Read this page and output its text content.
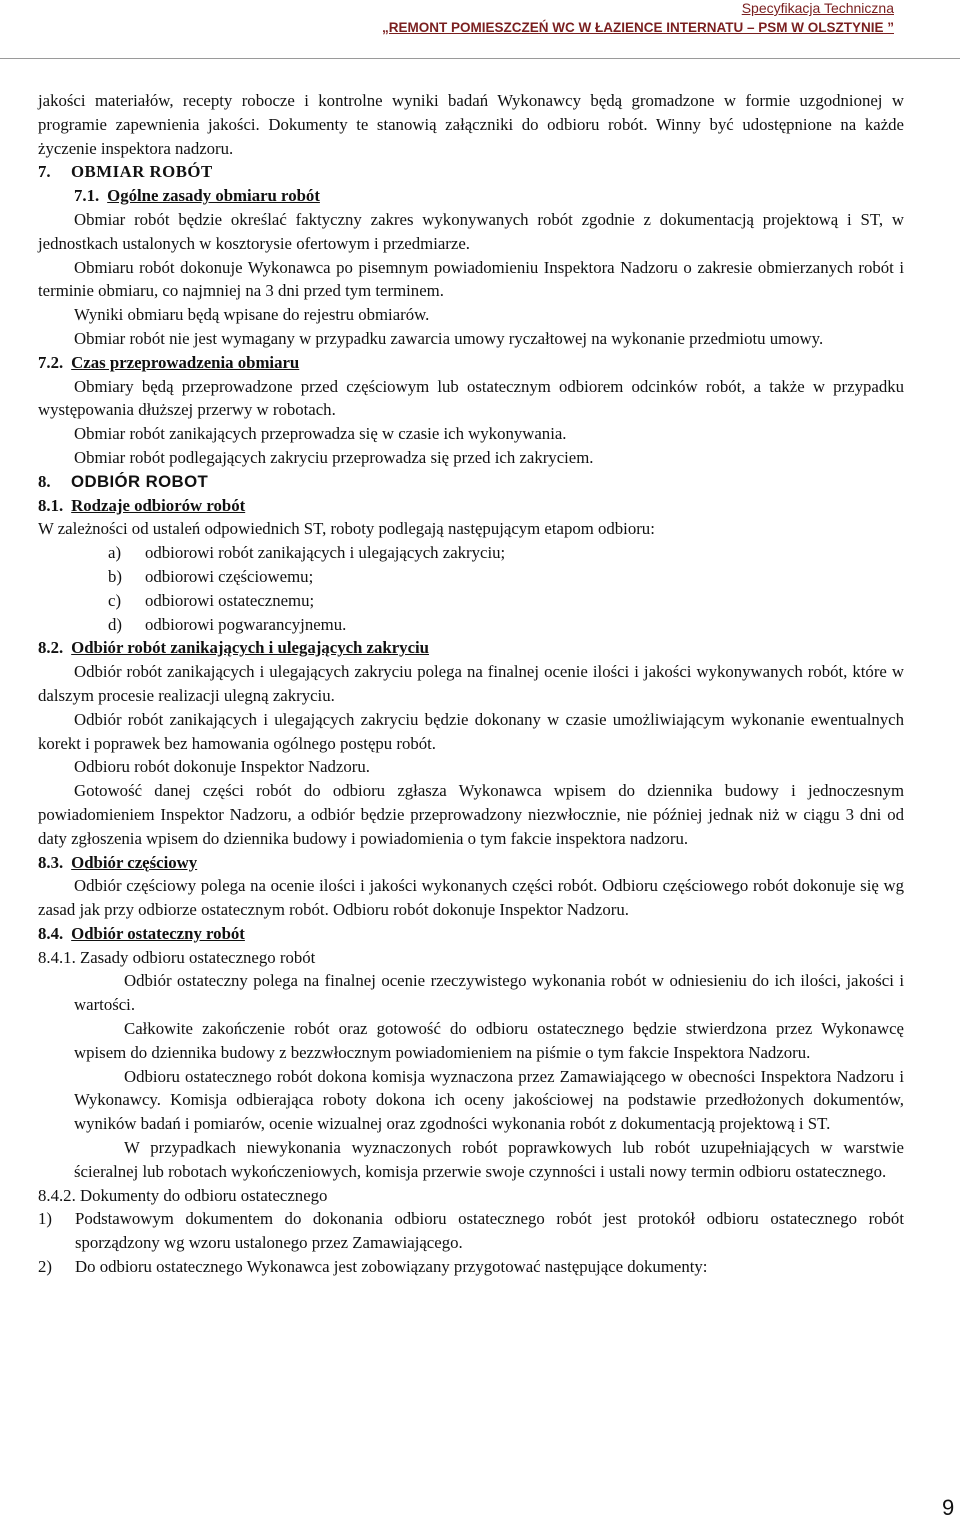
Specyfikacja Techniczna
„REMONT POMIESZCZEŃ WC W ŁAZIENCE INTERNATU – PSM W OLSZTYNIE ”

jakości materiałów, recepty robocze i kontrolne wyniki badań Wykonawcy będą gromadzone w formie uzgodnionej w programie zapewnienia jakości. Dokumenty te stanowią załączniki do odbioru robót. Winny być udostępnione na każde życzenie inspektora nadzoru.

7. OBMIAR ROBÓT

7.1. Ogólne zasady obmiaru robót

Obmiar robót będzie określać faktyczny zakres wykonywanych robót zgodnie z dokumentacją projektową i ST, w jednostkach ustalonych w kosztorysie ofertowym i przedmiarze.

Obmiaru robót dokonuje Wykonawca po pisemnym powiadomieniu Inspektora Nadzoru o zakresie obmierzanych robót i terminie obmiaru, co najmniej na 3 dni przed tym terminem.

Wyniki obmiaru będą wpisane do rejestru obmiarów.

Obmiar robót nie jest wymagany w przypadku zawarcia umowy ryczałtowej na wykonanie przedmiotu umowy.

7.2. Czas przeprowadzenia obmiaru

Obmiary będą przeprowadzone przed częściowym lub ostatecznym odbiorem odcinków robót, a także w przypadku występowania dłuższej przerwy w robotach.

Obmiar robót zanikających przeprowadza się w czasie ich wykonywania.

Obmiar robót podlegających zakryciu przeprowadza się przed ich zakryciem.

8. ODBIÓR ROBOT

8.1. Rodzaje odbiorów robót

W zależności od ustaleń odpowiednich ST, roboty podlegają następującym etapom odbioru:

a) odbiorowi robót zanikających i ulegających zakryciu;

b) odbiorowi częściowemu;

c) odbiorowi ostatecznemu;

d) odbiorowi pogwarancyjnemu.

8.2. Odbiór robót zanikających i ulegających zakryciu

Odbiór robót zanikających i ulegających zakryciu polega na finalnej ocenie ilości i jakości wykonywanych robót, które w dalszym procesie realizacji ulegną zakryciu.

Odbiór robót zanikających i ulegających zakryciu będzie dokonany w czasie umożliwiającym wykonanie ewentualnych korekt i poprawek bez hamowania ogólnego postępu robót.

Odbioru robót dokonuje Inspektor Nadzoru.

Gotowość danej części robót do odbioru zgłasza Wykonawca wpisem do dziennika budowy i jednoczesnym powiadomieniem Inspektor Nadzoru, a odbiór będzie przeprowadzony niezwłocznie, nie później jednak niż w ciągu 3 dni od daty zgłoszenia wpisem do dziennika budowy i powiadomienia o tym fakcie inspektora nadzoru.

8.3. Odbiór częściowy

Odbiór częściowy polega na ocenie ilości i jakości wykonanych części robót. Odbioru częściowego robót dokonuje się wg zasad jak przy odbiorze ostatecznym robót. Odbioru robót dokonuje Inspektor Nadzoru.

8.4. Odbiór ostateczny robót

8.4.1. Zasady odbioru ostatecznego robót

Odbiór ostateczny polega na finalnej ocenie rzeczywistego wykonania robót w odniesieniu do ich ilości, jakości i wartości.

Całkowite zakończenie robót oraz gotowość do odbioru ostatecznego będzie stwierdzona przez Wykonawcę wpisem do dziennika budowy z bezzwłocznym powiadomieniem na piśmie o tym fakcie Inspektora Nadzoru.

Odbioru ostatecznego robót dokona komisja wyznaczona przez Zamawiającego w obecności Inspektora Nadzoru i Wykonawcy. Komisja odbierająca roboty dokona ich oceny jakościowej na podstawie przedłożonych dokumentów, wyników badań i pomiarów, ocenie wizualnej oraz zgodności wykonania robót z dokumentacją projektową i ST.

W przypadkach niewykonania wyznaczonych robót poprawkowych lub robót uzupełniających w warstwie ścieralnej lub robotach wykończeniowych, komisja przerwie swoje czynności i ustali nowy termin odbioru ostatecznego.

8.4.2. Dokumenty do odbioru ostatecznego

1) Podstawowym dokumentem do dokonania odbioru ostatecznego robót jest protokół odbioru ostatecznego robót sporządzony wg wzoru ustalonego przez Zamawiającego.

2) Do odbioru ostatecznego Wykonawca jest zobowiązany przygotować następujące dokumenty:

9
